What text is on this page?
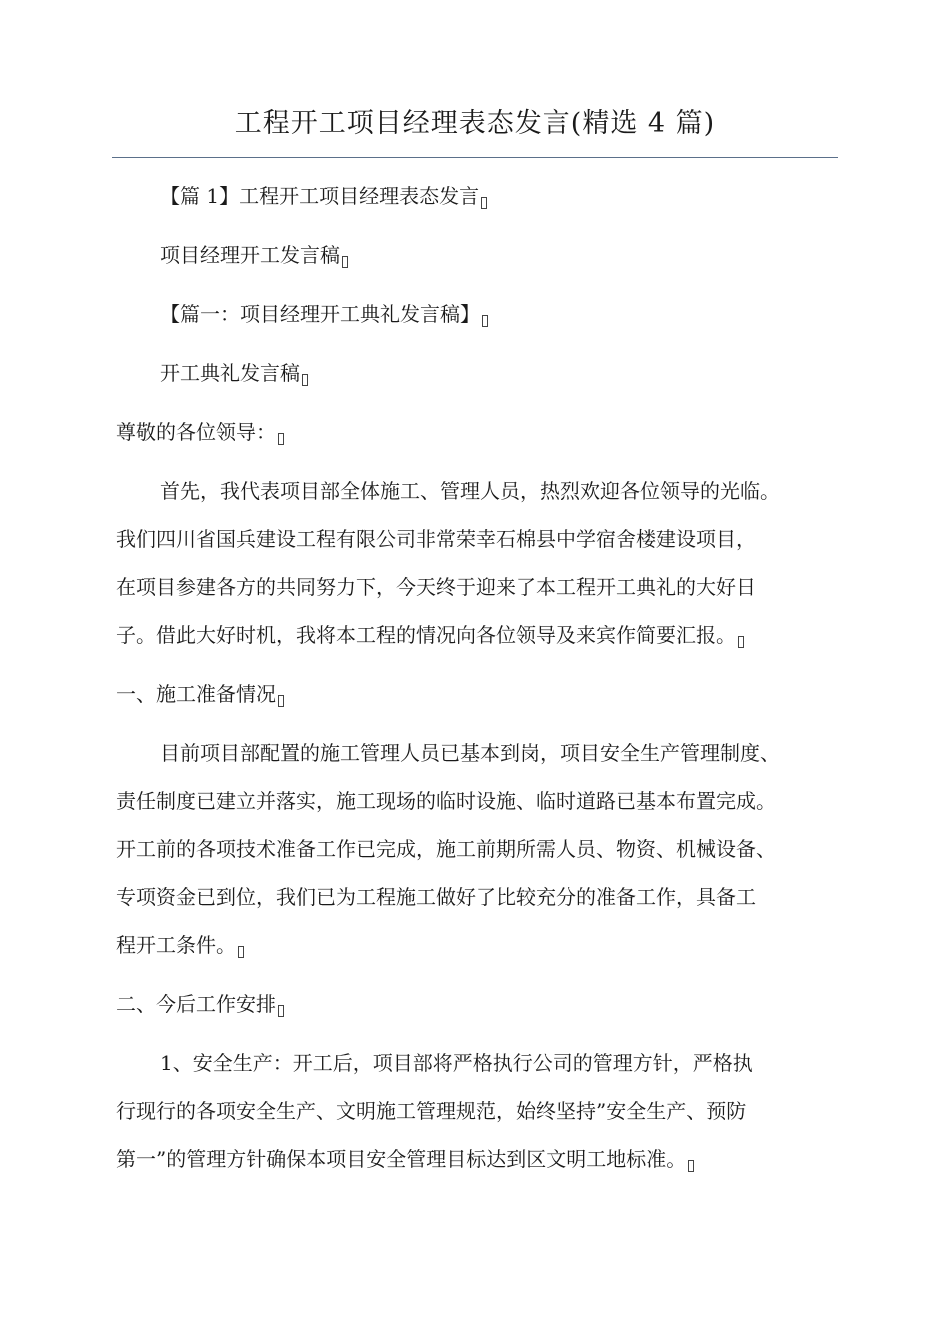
工程开工项目经理表态发言(精选 4 篇)
【篇 1】工程开工项目经理表态发言
项目经理开工发言稿
【篇一：项目经理开工典礼发言稿】
开工典礼发言稿
尊敬的各位领导：
首先，我代表项目部全体施工、管理人员，热烈欢迎各位领导的光临。
我们四川省国兵建设工程有限公司非常荣幸石棉县中学宿舍楼建设项目，
在项目参建各方的共同努力下，今天终于迎来了本工程开工典礼的大好日
子。借此大好时机，我将本工程的情况向各位领导及来宾作简要汇报。
一、施工准备情况
目前项目部配置的施工管理人员已基本到岗，项目安全生产管理制度、
责任制度已建立并落实，施工现场的临时设施、临时道路已基本布置完成。
开工前的各项技术准备工作已完成，施工前期所需人员、物资、机械设备、
专项资金已到位，我们已为工程施工做好了比较充分的准备工作，具备工
程开工条件。
二、今后工作安排
1、安全生产：开工后，项目部将严格执行公司的管理方针，严格执
行现行的各项安全生产、文明施工管理规范，始终坚持”安全生产、预防
第一”的管理方针确保本项目安全管理目标达到区文明工地标准。
